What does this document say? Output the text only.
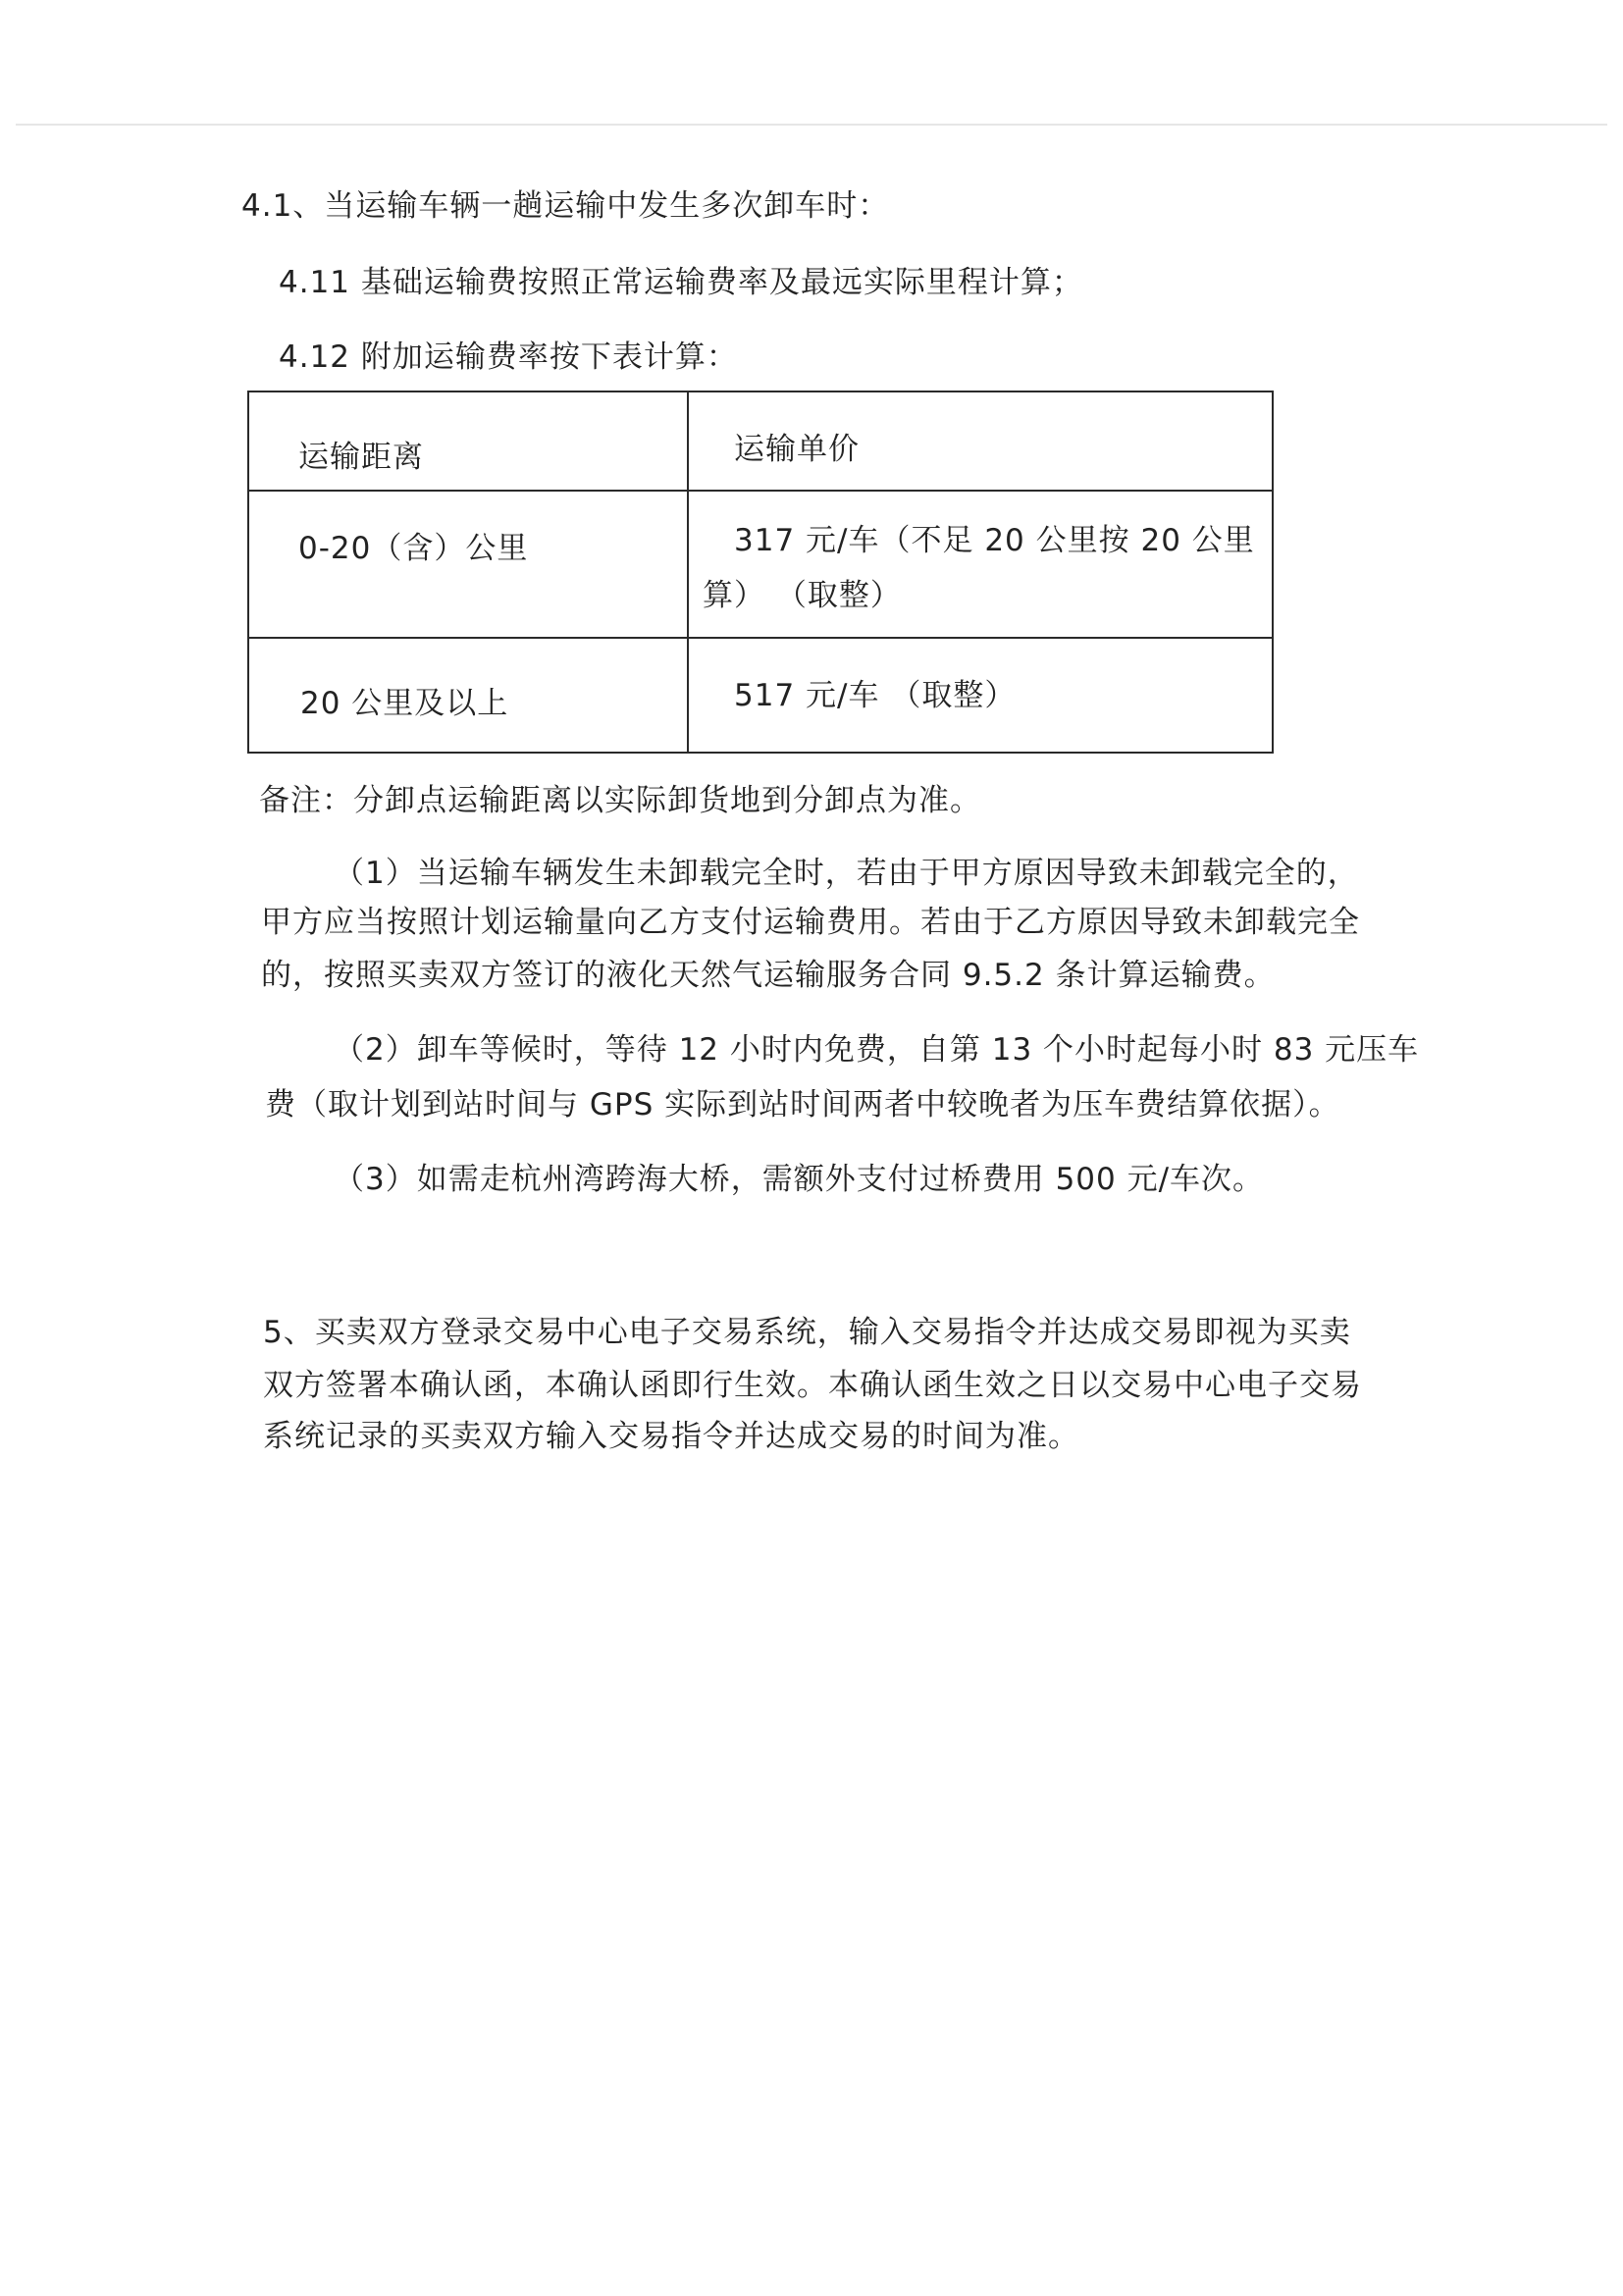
4.1、当运输车辆一趟运输中发生多次卸车时：
4.11 基础运输费按照正常运输费率及最远实际里程计算；
4.12 附加运输费率按下表计算：
运输距离	运输单价

0-20（含）公里	317 元/车（不足 20 公里按 20 公里
算） （取整）

20 公里及以上	517 元/车 （取整）
备注：分卸点运输距离以实际卸货地到分卸点为准。
（1）当运输车辆发生未卸载完全时，若由于甲方原因导致未卸载完全的，
甲方应当按照计划运输量向乙方支付运输费用。若由于乙方原因导致未卸载完全
的，按照买卖双方签订的液化天然气运输服务合同 9.5.2 条计算运输费。
（2）卸车等候时，等待 12 小时内免费，自第 13 个小时起每小时 83 元压车
费（取计划到站时间与 GPS 实际到站时间两者中较晚者为压车费结算依据）。
（3）如需走杭州湾跨海大桥，需额外支付过桥费用 500 元/车次。
5、买卖双方登录交易中心电子交易系统，输入交易指令并达成交易即视为买卖
双方签署本确认函，本确认函即行生效。本确认函生效之日以交易中心电子交易
系统记录的买卖双方输入交易指令并达成交易的时间为准。
